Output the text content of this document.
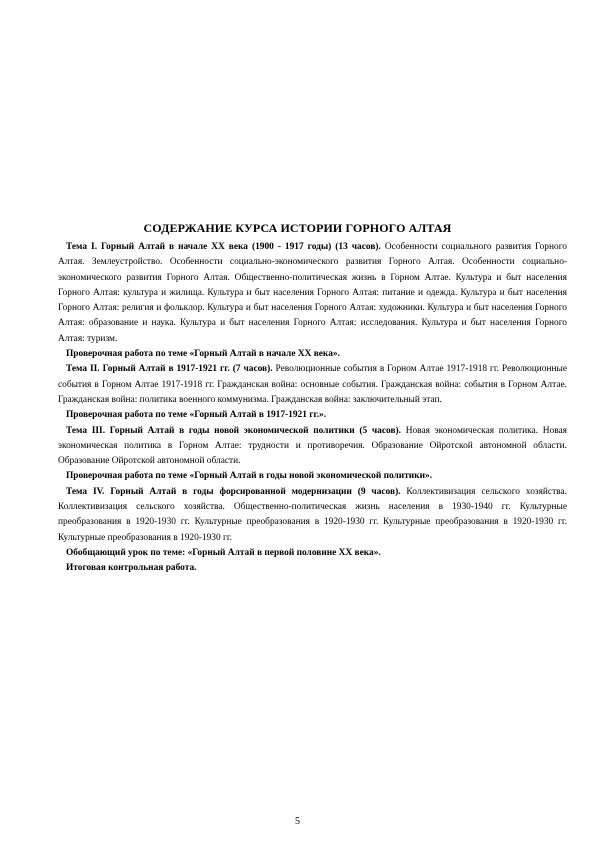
СОДЕРЖАНИЕ КУРСА ИСТОРИИ ГОРНОГО АЛТАЯ

Тема I. Горный Алтай в начале XX века (1900 - 1917 годы) (13 часов). Особенности социального развития Горного Алтая. Землеустройство. Особенности социально-экономического развития Горного Алтая. Особенности социально-экономического развития Горного Алтая. Общественно-политическая жизнь в Горном Алтае. Культура и быт населения Горного Алтая: культура и жилища. Культура и быт населения Горного Алтая: питание и одежда. Культура и быт населения Горного Алтая: религия и фольклор. Культура и быт населения Горного Алтая: художники. Культура и быт населения Горного Алтая: образование и наука. Культура и быт населения Горного Алтая: исследования. Культура и быт населения Горного Алтая: туризм.

Проверочная работа по теме «Горный Алтай в начале XX века».

Тема II. Горный Алтай в 1917-1921 гг. (7 часов). Революционные события в Горном Алтае 1917-1918 гг. Революционные события в Горном Алтае 1917-1918 гг. Гражданская война: основные события. Гражданская война: события в Горном Алтае. Гражданская война: политика военного коммунизма. Гражданская война: заключительный этап.

Проверочная работа по теме «Горный Алтай в 1917-1921 гг.».

Тема III. Горный Алтай в годы новой экономической политики (5 часов). Новая экономическая политика. Новая экономическая политика в Горном Алтае: трудности и противоречия. Образование Ойротской автономной области. Образование Ойротской автономной области.

Проверочная работа по теме «Горный Алтай в годы новой экономической политики».

Тема IV. Горный Алтай в годы форсированной модернизации (9 часов). Коллективизация сельского хозяйства. Коллективизация сельского хозяйства. Общественно-политическая жизнь населения в 1930-1940 гг. Культурные преобразования в 1920-1930 гг. Культурные преобразования в 1920-1930 гг. Культурные преобразования в 1920-1930 гг. Культурные преобразования в 1920-1930 гг.

Обобщающий урок по теме: «Горный Алтай в первой половине XX века».

Итоговая контрольная работа.

5
